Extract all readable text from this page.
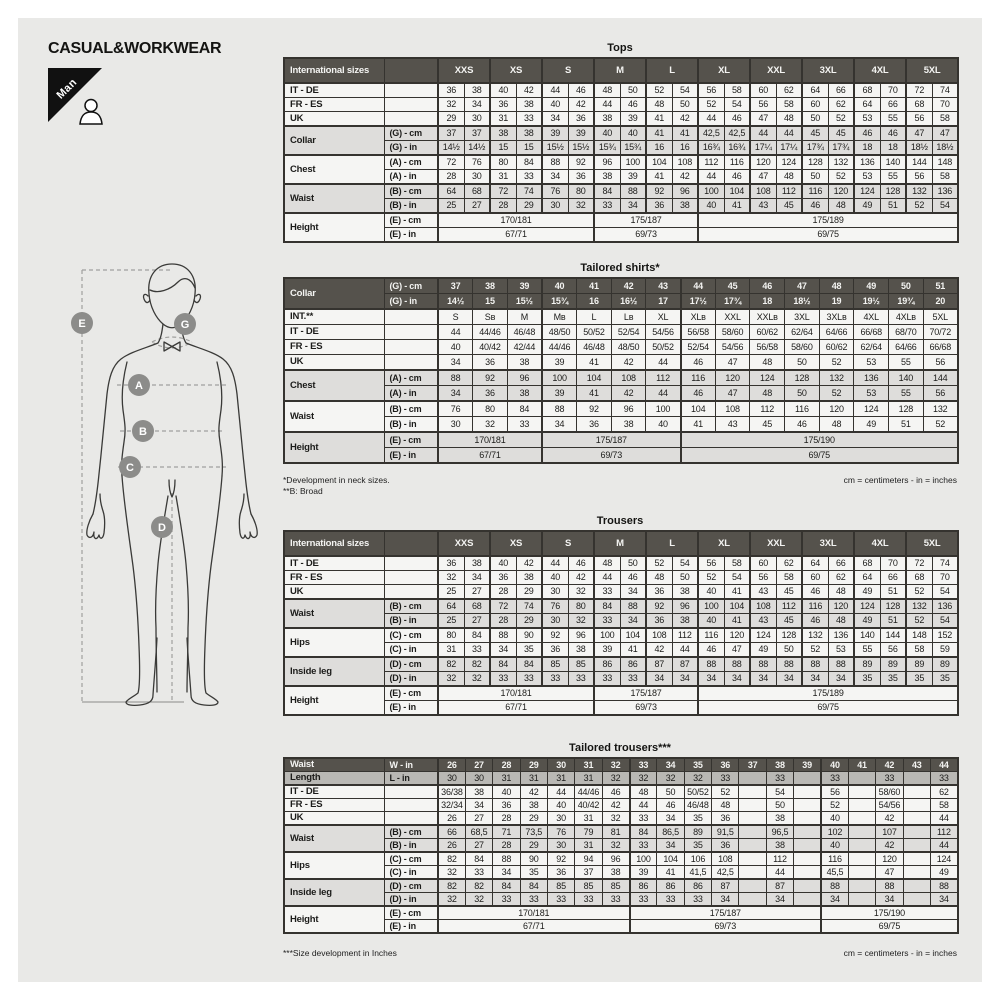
CASUAL&WORKWEAR
Man
E	G
A
B
C
D
Tops
International sizes		XXS		XS		S		M		L		XL		XXL		3XL		4XL		5XL	
IT - DE		36	38	40	42	44	46	48	50	52	54	56	58	60	62	64	66	68	70	72	74
FR - ES		32	34	36	38	40	42	44	46	48	50	52	54	56	58	60	62	64	66	68	70
UK		29	30	31	33	34	36	38	39	41	42	44	46	47	48	50	52	53	55	56	58
Collar	(G) - cm	37	37	38	38	39	39	40	40	41	41	42,5	42,5	44	44	45	45	46	46	47	47
	(G) - in	14½	14½	15	15	15½	15½	15¾	15¾	16	16	16¾	16¾	17¼	17¼	17¾	17¾	18	18	18½	18½
Chest	(A) - cm	72	76	80	84	88	92	96	100	104	108	112	116	120	124	128	132	136	140	144	148
	(A) - in	28	30	31	33	34	36	38	39	41	42	44	46	47	48	50	52	53	55	56	58
Waist	(B) - cm	64	68	72	74	76	80	84	88	92	96	100	104	108	112	116	120	124	128	132	136
	(B) - in	25	27	28	29	30	32	33	34	36	38	40	41	43	45	46	48	49	51	52	54
Height	(E) - cm	170/181						175/187				175/189									
	(E) - in	67/71						69/73				69/75									
Tailored shirts*
Collar	(G) - cm	37	38	39	40	41	42	43	44	45	46	47	48	49	50	51
	(G) - in	14½	15	15½	15¾	16	16½	17	17½	17¾	18	18½	19	19½	19¾	20
INT.**		S	Sʙ	M	Mʙ	L	Lʙ	XL	XLʙ	XXL	XXLʙ	3XL	3XLʙ	4XL	4XLʙ	5XL
IT - DE		44	44/46	46/48	48/50	50/52	52/54	54/56	56/58	58/60	60/62	62/64	64/66	66/68	68/70	70/72
FR - ES		40	40/42	42/44	44/46	46/48	48/50	50/52	52/54	54/56	56/58	58/60	60/62	62/64	64/66	66/68
UK		34	36	38	39	41	42	44	46	47	48	50	52	53	55	56
Chest	(A) - cm	88	92	96	100	104	108	112	116	120	124	128	132	136	140	144
	(A) - in	34	36	38	39	41	42	44	46	47	48	50	52	53	55	56
Waist	(B) - cm	76	80	84	88	92	96	100	104	108	112	116	120	124	128	132
	(B) - in	30	32	33	34	36	38	40	41	43	45	46	48	49	51	52
Height	(E) - cm	170/181			175/187				175/190							
	(E) - in	67/71			69/73				69/75							
*Development in neck sizes.
**B: Broad
cm = centimeters - in = inches
Trousers
International sizes		XXS		XS		S		M		L		XL		XXL		3XL		4XL		5XL	
IT - DE		36	38	40	42	44	46	48	50	52	54	56	58	60	62	64	66	68	70	72	74
FR - ES		32	34	36	38	40	42	44	46	48	50	52	54	56	58	60	62	64	66	68	70
UK		25	27	28	29	30	32	33	34	36	38	40	41	43	45	46	48	49	51	52	54
Waist	(B) - cm	64	68	72	74	76	80	84	88	92	96	100	104	108	112	116	120	124	128	132	136
	(B) - in	25	27	28	29	30	32	33	34	36	38	40	41	43	45	46	48	49	51	52	54
Hips	(C) - cm	80	84	88	90	92	96	100	104	108	112	116	120	124	128	132	136	140	144	148	152
	(C) - in	31	33	34	35	36	38	39	41	42	44	46	47	49	50	52	53	55	56	58	59
Inside leg	(D) - cm	82	82	84	84	85	85	86	86	87	87	88	88	88	88	88	88	89	89	89	89
	(D) - in	32	32	33	33	33	33	33	33	34	34	34	34	34	34	34	34	35	35	35	35
Height	(E) - cm	170/181						175/187				175/189									
	(E) - in	67/71						69/73				69/75									
Tailored trousers***
Waist	W - in	26	27	28	29	30	31	32	33	34	35	36	37	38	39	40	41	42	43	44
Length	L - in	30	30	31	31	31	31	32	32	32	32	33		33		33		33		33
IT - DE		36/38	38	40	42	44	44/46	46	48	50	50/52	52		54		56		58/60		62
FR - ES		32/34	34	36	38	40	40/42	42	44	46	46/48	48		50		52		54/56		58
UK		26	27	28	29	30	31	32	33	34	35	36		38		40		42		44
Waist	(B) - cm	66	68,5	71	73,5	76	79	81	84	86,5	89	91,5		96,5		102		107		112
	(B) - in	26	27	28	29	30	31	32	33	34	35	36		38		40		42		44
Hips	(C) - cm	82	84	88	90	92	94	96	100	104	106	108		112		116		120		124
	(C) - in	32	33	34	35	36	37	38	39	41	41,5	42,5		44		45,5		47		49
Inside leg	(D) - cm	82	82	84	84	85	85	85	86	86	86	87		87		88		88		88
	(D) - in	32	32	33	33	33	33	33	33	33	33	34		34		34		34		34
Height	(E) - cm	170/181							175/187							175/190				
	(E) - in	67/71							69/73							69/75				
***Size development in Inches	cm = centimeters - in = inches
